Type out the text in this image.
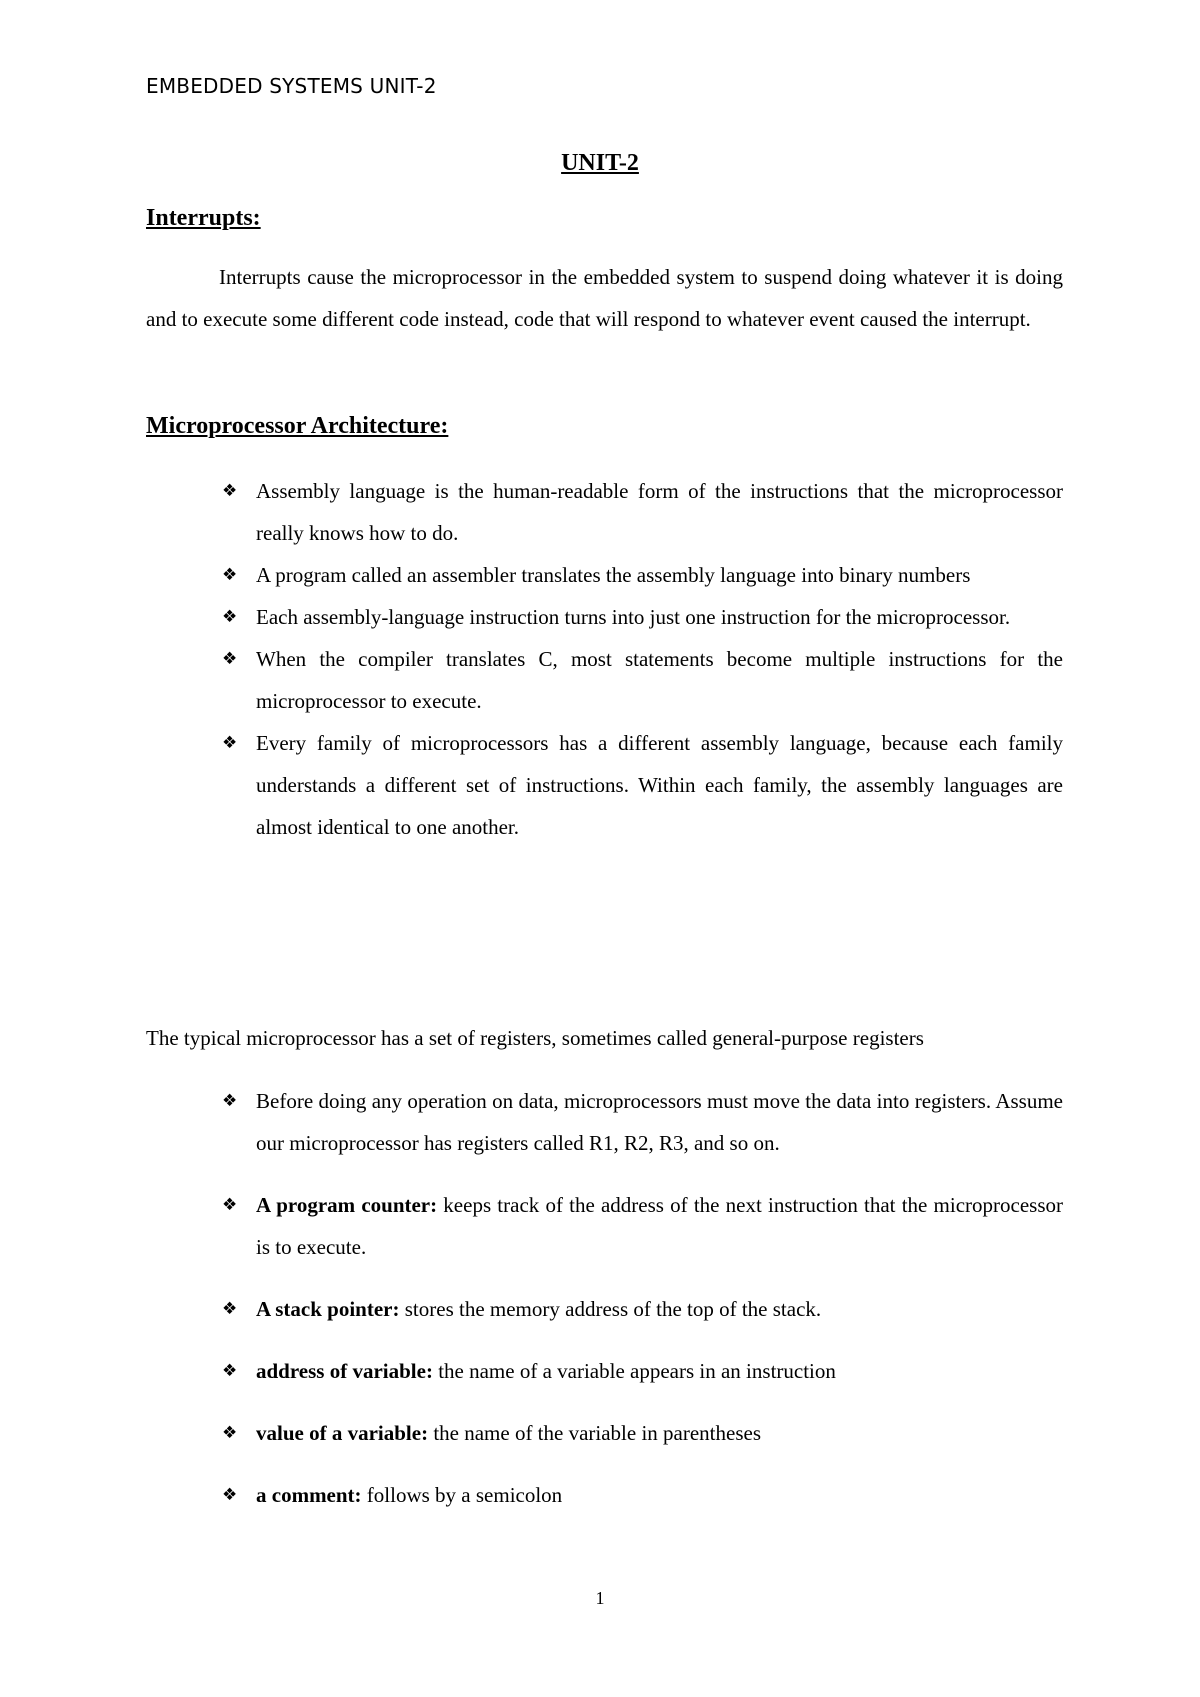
EMBEDDED SYSTEMS UNIT-2
UNIT-2
Interrupts:
Interrupts cause the microprocessor in the embedded system to suspend doing whatever it is doing and to execute some different code instead, code that will respond to whatever event caused the interrupt.
Microprocessor Architecture:
❖ Assembly language is the human-readable form of the instructions that the microprocessor really knows how to do.
❖ A program called an assembler translates the assembly language into binary numbers
❖ Each assembly-language instruction turns into just one instruction for the microprocessor.
❖ When the compiler translates C, most statements become multiple instructions for the microprocessor to execute.
❖ Every family of microprocessors has a different assembly language, because each family understands a different set of instructions. Within each family, the assembly languages are almost identical to one another.
The typical microprocessor has a set of registers, sometimes called general-purpose registers
❖ Before doing any operation on data, microprocessors must move the data into registers. Assume our microprocessor has registers called R1, R2, R3, and so on.
❖ A program counter: keeps track of the address of the next instruction that the microprocessor is to execute.
❖ A stack pointer: stores the memory address of the top of the stack.
❖ address of variable: the name of a variable appears in an instruction
❖ value of a variable: the name of the variable in parentheses
❖ a comment: follows by a semicolon
1
